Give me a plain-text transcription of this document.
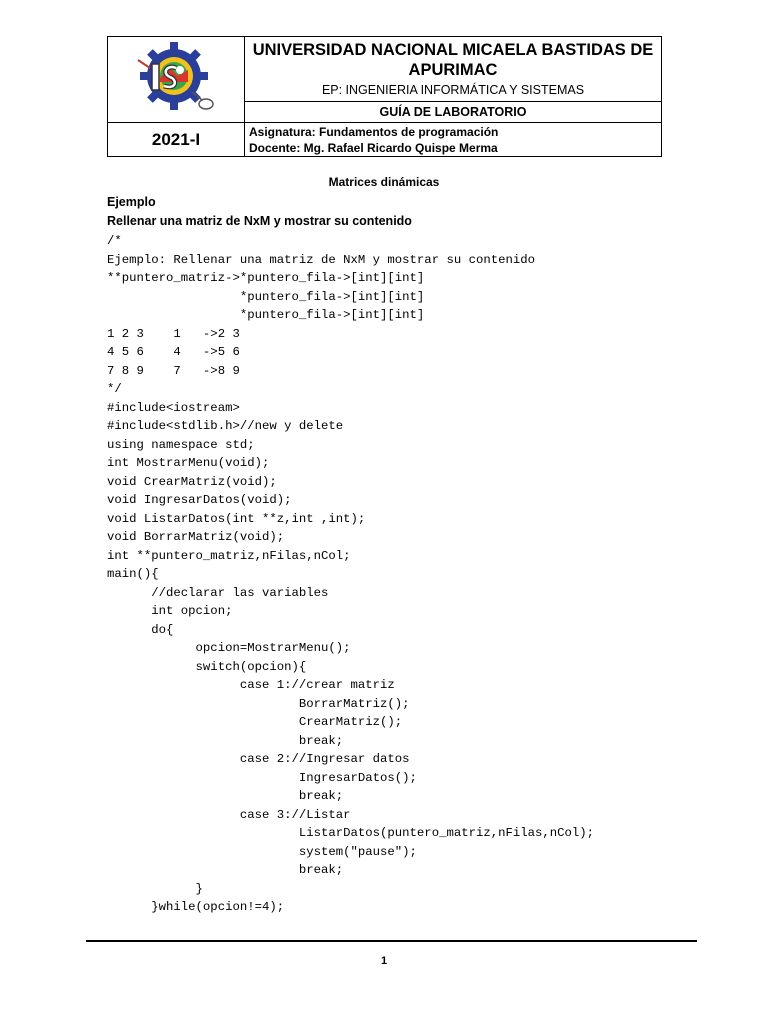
UNIVERSIDAD NACIONAL MICAELA BASTIDAS DE APURIMAC
EP: INGENIERIA INFORMÁTICA Y SISTEMAS

	GUÍA DE LABORATORIO
2021-I	Asignatura: Fundamentos de programación
Docente: Mg. Rafael Ricardo Quispe Merma
Matrices dinámicas
Ejemplo
Rellenar una matriz de NxM y mostrar su contenido
/*
Ejemplo: Rellenar una matriz de NxM y mostrar su contenido
**puntero_matriz->*puntero_fila->[int][int]
*puntero_fila->[int][int]
*puntero_fila->[int][int]
1 2 3    1   ->2 3
4 5 6    4   ->5 6
7 8 9    7   ->8 9
*/
#include<iostream>
#include<stdlib.h>//new y delete
using namespace std;
int MostrarMenu(void);
void CrearMatriz(void);
void IngresarDatos(void);
void ListarDatos(int **z,int ,int);
void BorrarMatriz(void);
int **puntero_matriz,nFilas,nCol;
main(){
//declarar las variables
int opcion;
do{
opcion=MostrarMenu();
switch(opcion){
case 1://crear matriz
BorrarMatriz();
CrearMatriz();
break;
case 2://Ingresar datos
IngresarDatos();
break;
case 3://Listar
ListarDatos(puntero_matriz,nFilas,nCol);
system("pause");
break;
}
}while(opcion!=4);
1
